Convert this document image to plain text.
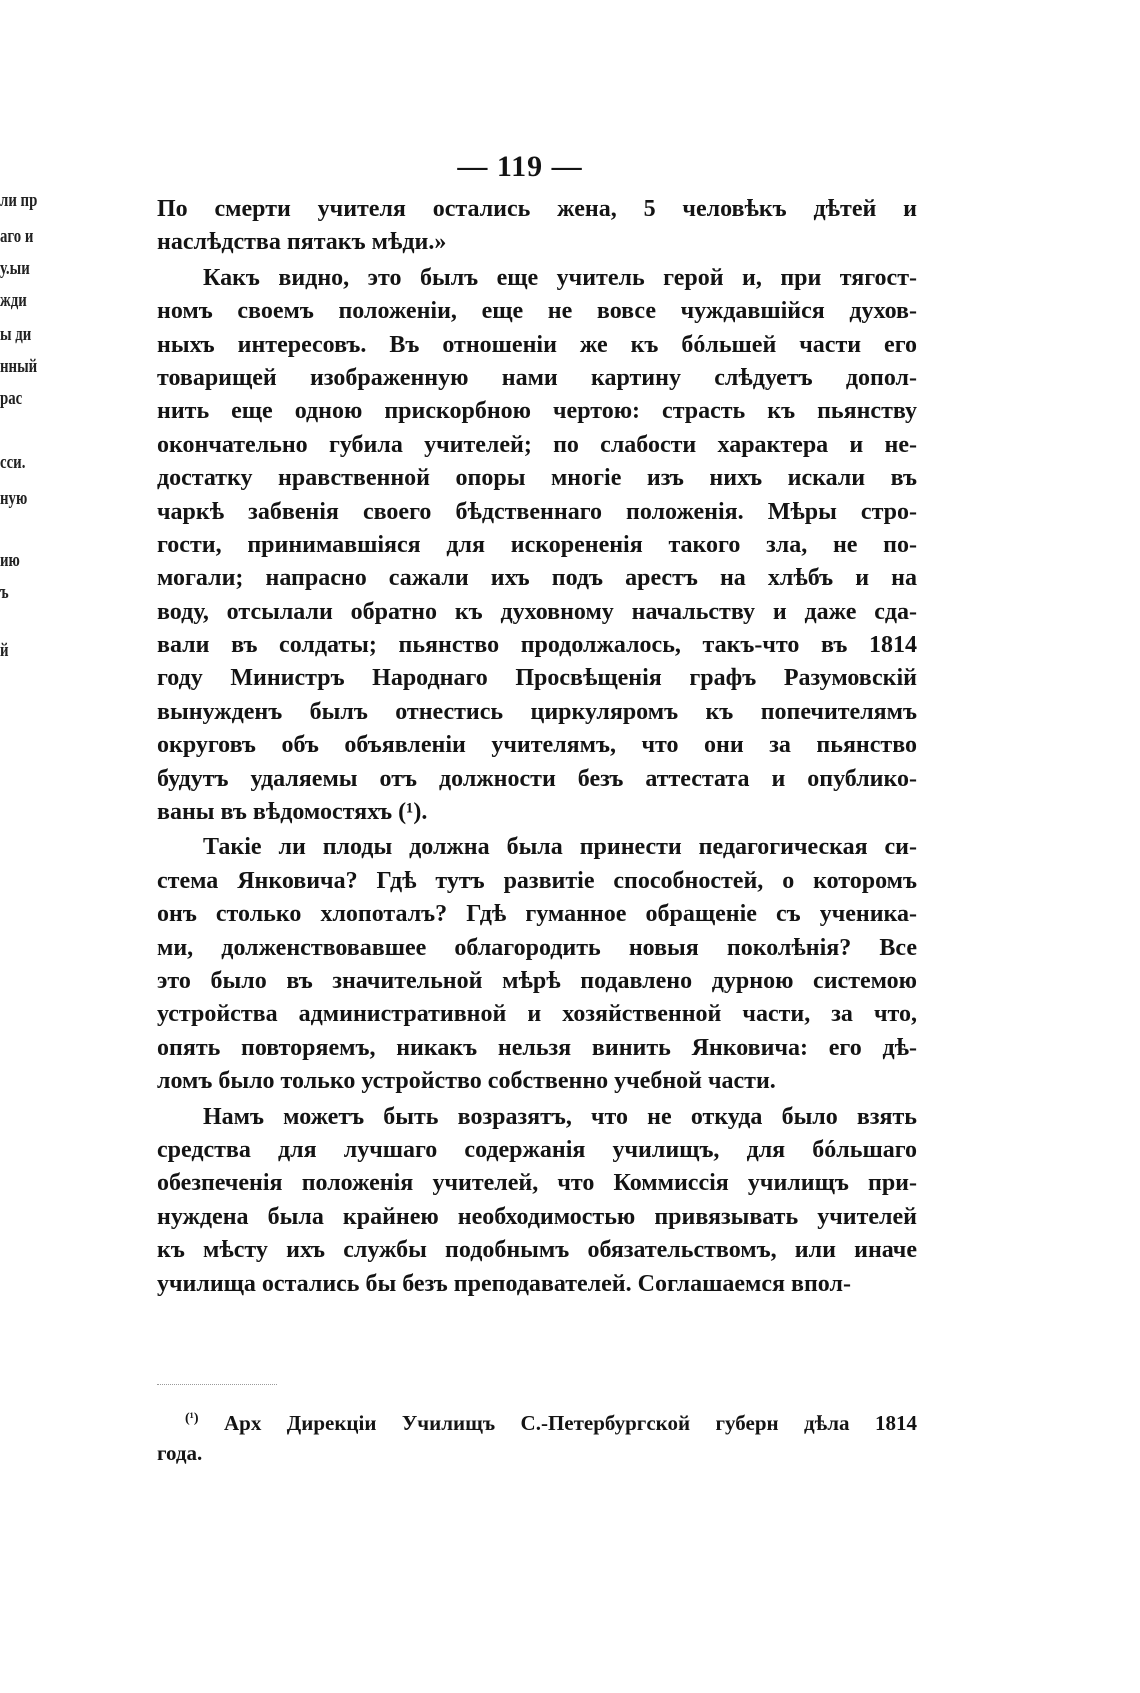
ли пр
аго и
у.ыи
жди
ы ди
нный
рас
сси.
ную
ию
ъ
й
— 119 —
По смерти учителя остались жена, 5 человѣкъ дѣтей и
наслѣдства пятакъ мѣди.»
Какъ видно, это былъ еще учитель герой и, при тягост-
номъ своемъ положеніи, еще не вовсе чуждавшійся духов-
ныхъ интересовъ. Въ отношеніи же къ бóльшей части его
товарищей изображенную нами картину слѣдуетъ допол-
нить еще одною прискорбною чертою: страсть къ пьянству
окончательно губила учителей; по слабости характера и не-
достатку нравственной опоры многіе изъ нихъ искали въ
чаркѣ забвенія своего бѣдственнаго положенія. Мѣры стро-
гости, принимавшіяся для искорененія такого зла, не по-
могали; напрасно сажали ихъ подъ арестъ на хлѣбъ и на
воду, отсылали обратно къ духовному начальству и даже сда-
вали въ солдаты; пьянство продолжалось, такъ-что въ 1814
году Министръ Народнаго Просвѣщенія графъ Разумовскій
вынужденъ былъ отнестись циркуляромъ къ попечителямъ
округовъ объ объявленіи учителямъ, что они за пьянство
будутъ удаляемы отъ должности безъ аттестата и опублико-
ваны въ вѣдомостяхъ (¹).
Такіе ли плоды должна была принести педагогическая си-
стема Янковича? Гдѣ тутъ развитіе способностей, о которомъ
онъ столько хлопоталъ? Гдѣ гуманное обращеніе съ ученика-
ми, долженствовавшее облагородить новыя поколѣнія? Все
это было въ значительной мѣрѣ подавлено дурною системою
устройства административной и хозяйственной части, за что,
опять повторяемъ, никакъ нельзя винить Янковича: его дѣ-
ломъ было только устройство собственно учебной части.
Намъ можетъ быть возразятъ, что не откуда было взять
средства для лучшаго содержанія училищъ, для бóльшаго
обезпеченія положенія учителей, что Коммиссія училищъ при-
нуждена была крайнею необходимостью привязывать учителей
къ мѣсту ихъ службы подобнымъ обязательствомъ, или иначе
училища остались бы безъ преподавателей. Соглашаемся впол-
$^{(^1)}$ Арх Дирекціи Училищъ С.-Петербургской губерн дѣла 1814
года.
